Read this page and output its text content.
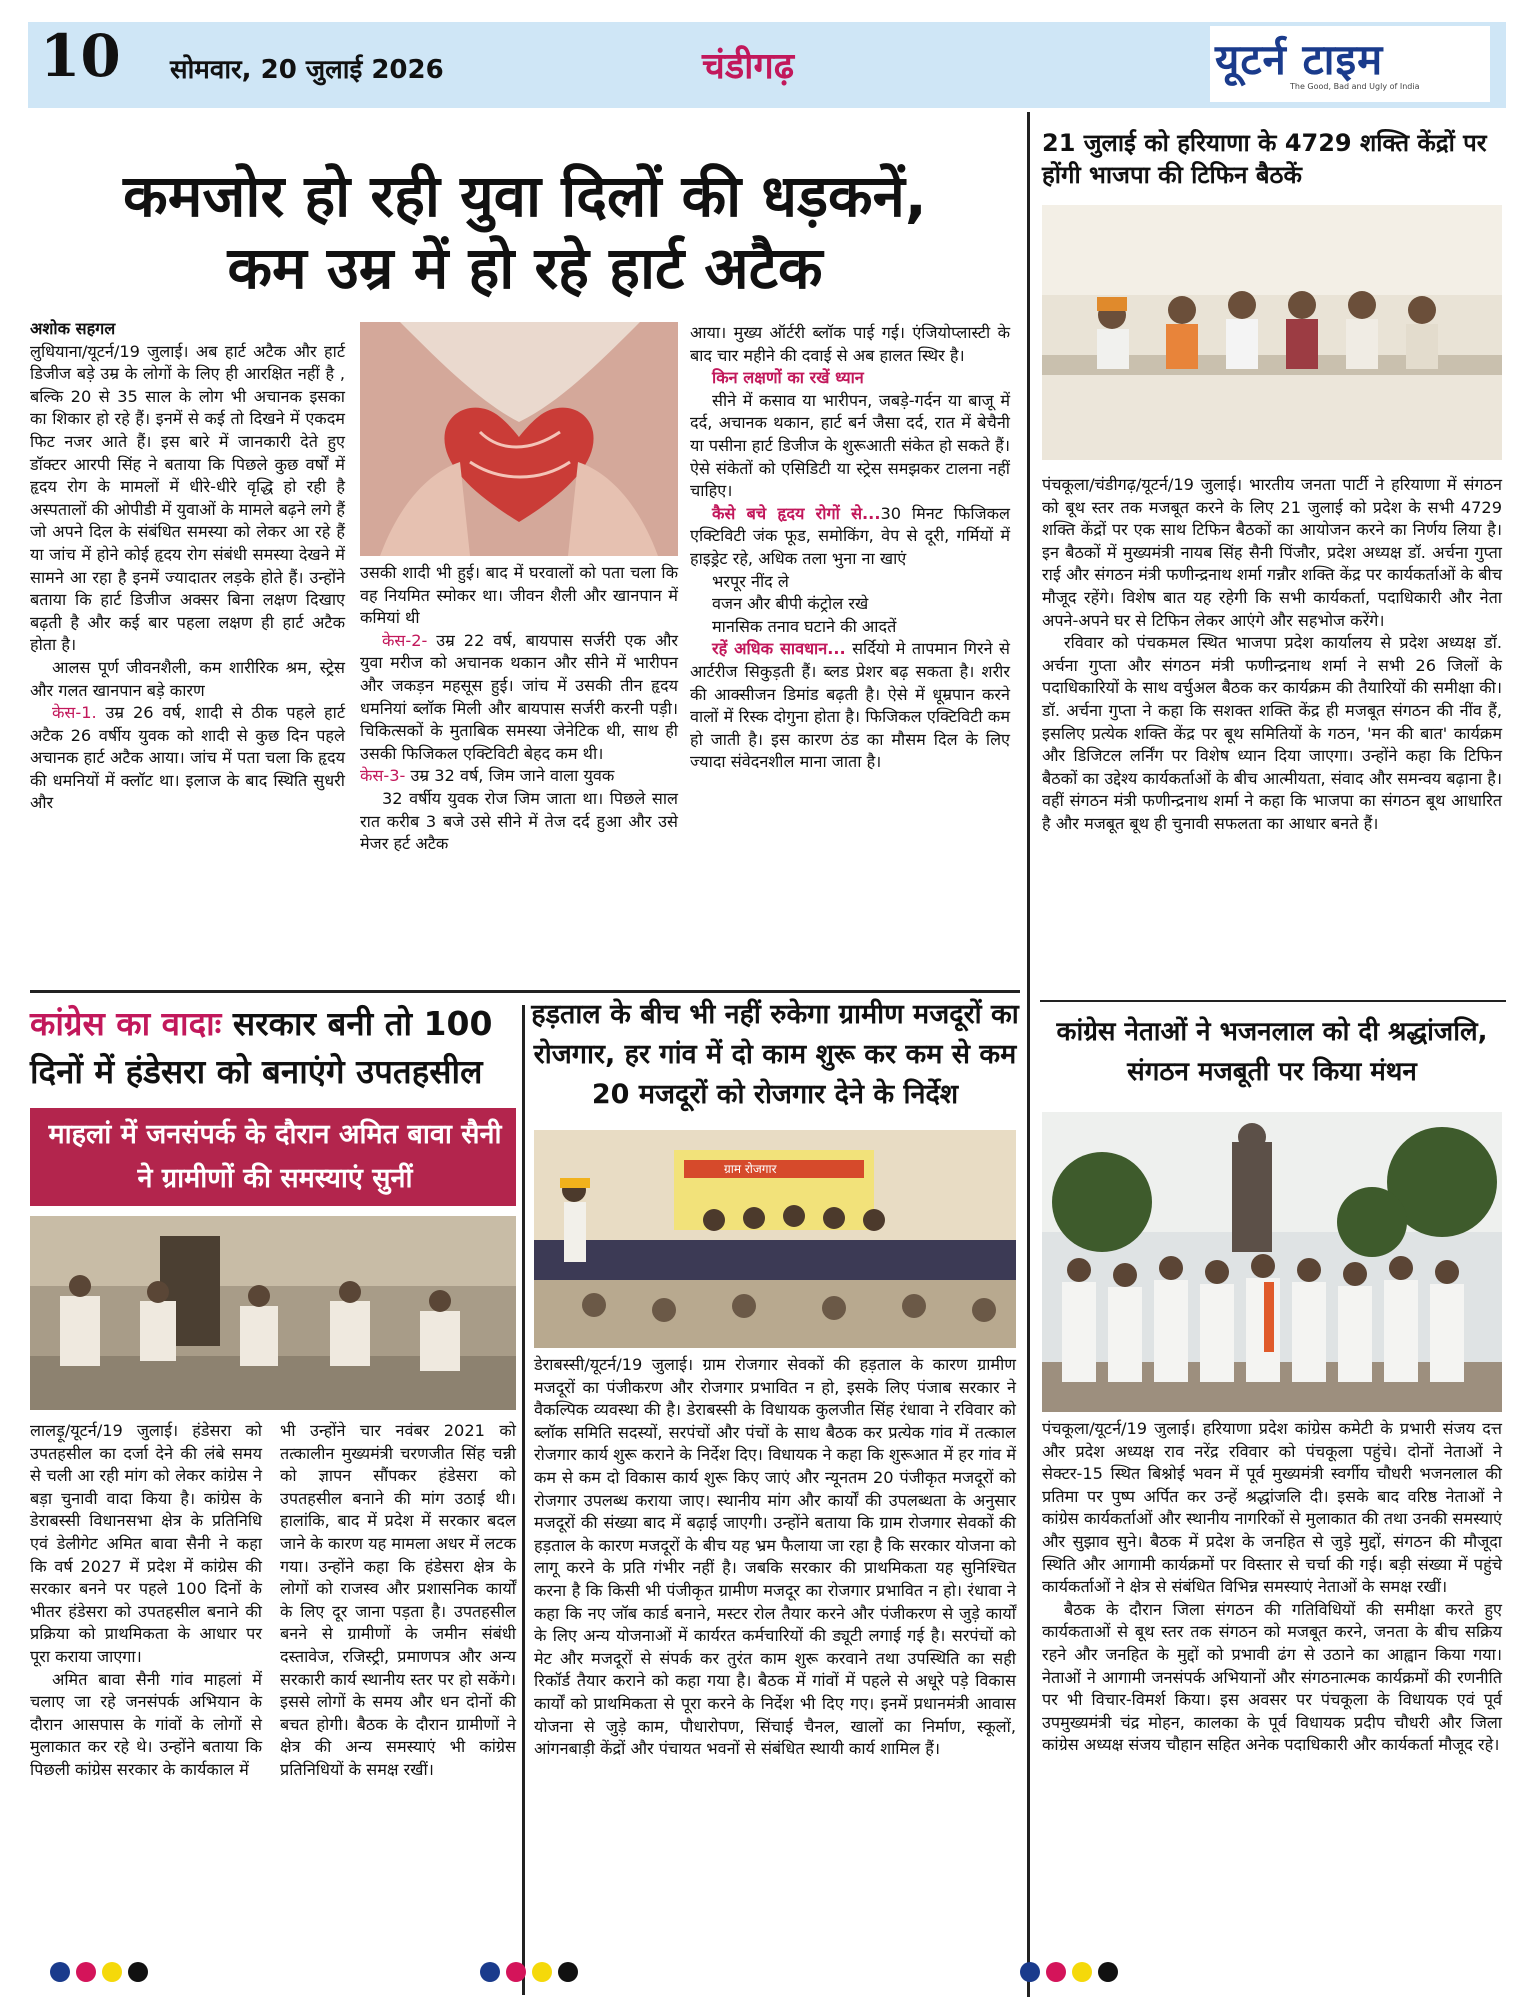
10 सोमवार, 20 जुलाई 2026	चंडीगढ़	यूटर्न टाइम
The Good, Bad and Ugly of India
कमजोर हो रही युवा दिलों की धड़कनें,
कम उम्र में हो रहे हार्ट अटैक
अशोक सहगल

लुधियाना/यूटर्न/19 जुलाई। अब हार्ट अटैक और हार्ट डिजीज बड़े उम्र के लोगों के लिए ही आरक्षित नहीं है , बल्कि 20 से 35 साल के लोग भी अचानक इसका का शिकार हो रहे हैं। इनमें से कई तो दिखने में एकदम फिट नजर आते हैं। इस बारे में जानकारी देते हुए डॉक्टर आरपी सिंह ने बताया कि पिछले कुछ वर्षों में हृदय रोग के मामलों में धीरे-धीरे वृद्धि हो रही है अस्पतालों की ओपीडी में युवाओं के मामले बढ़ने लगे हैं जो अपने दिल के संबंधित समस्या को लेकर आ रहे हैं या जांच में होने कोई हृदय रोग संबंधी समस्या देखने में सामने आ रहा है इनमें ज्यादातर लड़के होते हैं। उन्होंने बताया कि हार्ट डिजीज अक्सर बिना लक्षण दिखाए बढ़ती है और कई बार पहला लक्षण ही हार्ट अटैक होता है।

आलस पूर्ण जीवनशैली, कम शारीरिक श्रम, स्ट्रेस और गलत खानपान बड़े कारण

केस-1. उम्र 26 वर्ष, शादी से ठीक पहले हार्ट अटैक 26 वर्षीय युवक को शादी से कुछ दिन पहले अचानक हार्ट अटैक आया। जांच में पता चला कि हृदय की धमनियों में क्लॉट था। इलाज के बाद स्थिति सुधरी और

उसकी शादी भी हुई। बाद में घरवालों को पता चला कि वह नियमित स्मोकर था। जीवन शैली और खानपान में कमियां थी

केस-2- उम्र 22 वर्ष, बायपास सर्जरी एक और युवा मरीज को अचानक थकान और सीने में भारीपन और जकड़न महसूस हुई। जांच में उसकी तीन हृदय धमनियां ब्लॉक मिली और बायपास सर्जरी करनी पड़ी। चिकित्सकों के मुताबिक समस्या जेनेटिक थी, साथ ही उसकी फिजिकल एक्टिविटी बेहद कम थी।

केस-3- उम्र 32 वर्ष, जिम जाने वाला युवक

32 वर्षीय युवक रोज जिम जाता था। पिछले साल रात करीब 3 बजे उसे सीने में तेज दर्द हुआ और उसे मेजर हर्ट अटैक

आया। मुख्य ऑर्टरी ब्लॉक पाई गई। एंजियोप्लास्टी के बाद चार महीने की दवाई से अब हालत स्थिर है।

किन लक्षणों का रखें ध्यान

सीने में कसाव या भारीपन, जबड़े-गर्दन या बाजू में दर्द, अचानक थकान, हार्ट बर्न जैसा दर्द, रात में बेचैनी या पसीना हार्ट डिजीज के शुरूआती संकेत हो सकते हैं। ऐसे संकेतों को एसिडिटी या स्ट्रेस समझकर टालना नहीं चाहिए।

कैसे बचे हृदय रोगों से...30 मिनट फिजिकल एक्टिविटी जंक फूड, समोकिंग, वेप से दूरी, गर्मियों में हाइड्रेट रहे, अधिक तला भुना ना खाएं

भरपूर नींद ले
वजन और बीपी कंट्रोल रखे
मानसिक तनाव घटाने की आदतें

रहें अधिक सावधान... सर्दियो मे तापमान गिरने से आर्टरीज सिकुड़ती हैं। ब्लड प्रेशर बढ़ सकता है। शरीर की आक्सीजन डिमांड बढ़ती है। ऐसे में धूम्रपान करने वालों में रिस्क दोगुना होता है। फिजिकल एक्टिविटी कम हो जाती है। इस कारण ठंड का मौसम दिल के लिए ज्यादा संवेदनशील माना जाता है।

21 जुलाई को हरियाणा के 4729 शक्ति केंद्रों पर होंगी भाजपा की टिफिन बैठकें

पंचकूला/चंडीगढ़/यूटर्न/19 जुलाई। भारतीय जनता पार्टी ने हरियाणा में संगठन को बूथ स्तर तक मजबूत करने के लिए 21 जुलाई को प्रदेश के सभी 4729 शक्ति केंद्रों पर एक साथ टिफिन बैठकों का आयोजन करने का निर्णय लिया है। इन बैठकों में मुख्यमंत्री नायब सिंह सैनी पिंजौर, प्रदेश अध्यक्ष डॉ. अर्चना गुप्ता राई और संगठन मंत्री फणीन्द्रनाथ शर्मा गन्नौर शक्ति केंद्र पर कार्यकर्ताओं के बीच मौजूद रहेंगे। विशेष बात यह रहेगी कि सभी कार्यकर्ता, पदाधिकारी और नेता अपने-अपने घर से टिफिन लेकर आएंगे और सहभोज करेंगे।

रविवार को पंचकमल स्थित भाजपा प्रदेश कार्यालय से प्रदेश अध्यक्ष डॉ. अर्चना गुप्ता और संगठन मंत्री फणीन्द्रनाथ शर्मा ने सभी 26 जिलों के पदाधिकारियों के साथ वर्चुअल बैठक कर कार्यक्रम की तैयारियों की समीक्षा की। डॉ. अर्चना गुप्ता ने कहा कि सशक्त शक्ति केंद्र ही मजबूत संगठन की नींव हैं, इसलिए प्रत्येक शक्ति केंद्र पर बूथ समितियों के गठन, 'मन की बात' कार्यक्रम और डिजिटल लर्निंग पर विशेष ध्यान दिया जाएगा। उन्होंने कहा कि टिफिन बैठकों का उद्देश्य कार्यकर्ताओं के बीच आत्मीयता, संवाद और समन्वय बढ़ाना है। वहीं संगठन मंत्री फणीन्द्रनाथ शर्मा ने कहा कि भाजपा का संगठन बूथ आधारित है और मजबूत बूथ ही चुनावी सफलता का आधार बनते हैं।

कांग्रेस का वादाः सरकार बनी तो 100 दिनों में हंडेसरा को बनाएंगे उपतहसील
माहलां में जनसंपर्क के दौरान अमित बावा सैनी ने ग्रामीणों की समस्याएं सुनीं

लालड़ू/यूटर्न/19 जुलाई। हंडेसरा को उपतहसील का दर्जा देने की लंबे समय से चली आ रही मांग को लेकर कांग्रेस ने बड़ा चुनावी वादा किया है। कांग्रेस के डेराबस्सी विधानसभा क्षेत्र के प्रतिनिधि एवं डेलीगेट अमित बावा सैनी ने कहा कि वर्ष 2027 में प्रदेश में कांग्रेस की सरकार बनने पर पहले 100 दिनों के भीतर हंडेसरा को उपतहसील बनाने की प्रक्रिया को प्राथमिकता के आधार पर पूरा कराया जाएगा।

अमित बावा सैनी गांव माहलां में चलाए जा रहे जनसंपर्क अभियान के दौरान आसपास के गांवों के लोगों से मुलाकात कर रहे थे। उन्होंने बताया कि पिछली कांग्रेस सरकार के कार्यकाल में

भी उन्होंने चार नवंबर 2021 को तत्कालीन मुख्यमंत्री चरणजीत सिंह चन्नी को ज्ञापन सौंपकर हंडेसरा को उपतहसील बनाने की मांग उठाई थी। हालांकि, बाद में प्रदेश में सरकार बदल जाने के कारण यह मामला अधर में लटक गया। उन्होंने कहा कि हंडेसरा क्षेत्र के लोगों को राजस्व और प्रशासनिक कार्यों के लिए दूर जाना पड़ता है। उपतहसील बनने से ग्रामीणों के जमीन संबंधी दस्तावेज, रजिस्ट्री, प्रमाणपत्र और अन्य सरकारी कार्य स्थानीय स्तर पर हो सकेंगे। इससे लोगों के समय और धन दोनों की बचत होगी। बैठक के दौरान ग्रामीणों ने क्षेत्र की अन्य समस्याएं भी कांग्रेस प्रतिनिधियों के समक्ष रखीं।

हड़ताल के बीच भी नहीं रुकेगा ग्रामीण मजदूरों का रोजगार, हर गांव में दो काम शुरू कर कम से कम 20 मजदूरों को रोजगार देने के निर्देश
ग्राम रोजगार

डेराबस्सी/यूटर्न/19 जुलाई। ग्राम रोजगार सेवकों की हड़ताल के कारण ग्रामीण मजदूरों का पंजीकरण और रोजगार प्रभावित न हो, इसके लिए पंजाब सरकार ने वैकल्पिक व्यवस्था की है। डेराबस्सी के विधायक कुलजीत सिंह रंधावा ने रविवार को ब्लॉक समिति सदस्यों, सरपंचों और पंचों के साथ बैठक कर प्रत्येक गांव में तत्काल रोजगार कार्य शुरू कराने के निर्देश दिए। विधायक ने कहा कि शुरूआत में हर गांव में कम से कम दो विकास कार्य शुरू किए जाएं और न्यूनतम 20 पंजीकृत मजदूरों को रोजगार उपलब्ध कराया जाए। स्थानीय मांग और कार्यों की उपलब्धता के अनुसार मजदूरों की संख्या बाद में बढ़ाई जाएगी। उन्होंने बताया कि ग्राम रोजगार सेवकों की हड़ताल के कारण मजदूरों के बीच यह भ्रम फैलाया जा रहा है कि सरकार योजना को लागू करने के प्रति गंभीर नहीं है। जबकि सरकार की प्राथमिकता यह सुनिश्चित करना है कि किसी भी पंजीकृत ग्रामीण मजदूर का रोजगार प्रभावित न हो। रंधावा ने कहा कि नए जॉब कार्ड बनाने, मस्टर रोल तैयार करने और पंजीकरण से जुड़े कार्यों के लिए अन्य योजनाओं में कार्यरत कर्मचारियों की ड्यूटी लगाई गई है। सरपंचों को मेट और मजदूरों से संपर्क कर तुरंत काम शुरू करवाने तथा उपस्थिति का सही रिकॉर्ड तैयार कराने को कहा गया है। बैठक में गांवों में पहले से अधूरे पड़े विकास कार्यों को प्राथमिकता से पूरा करने के निर्देश भी दिए गए। इनमें प्रधानमंत्री आवास योजना से जुड़े काम, पौधारोपण, सिंचाई चैनल, खालों का निर्माण, स्कूलों, आंगनबाड़ी केंद्रों और पंचायत भवनों से संबंधित स्थायी कार्य शामिल हैं।

कांग्रेस नेताओं ने भजनलाल को दी श्रद्धांजलि, संगठन मजबूती पर किया मंथन

पंचकूला/यूटर्न/19 जुलाई। हरियाणा प्रदेश कांग्रेस कमेटी के प्रभारी संजय दत्त और प्रदेश अध्यक्ष राव नरेंद्र रविवार को पंचकूला पहुंचे। दोनों नेताओं ने सेक्टर-15 स्थित बिश्नोई भवन में पूर्व मुख्यमंत्री स्वर्गीय चौधरी भजनलाल की प्रतिमा पर पुष्प अर्पित कर उन्हें श्रद्धांजलि दी। इसके बाद वरिष्ठ नेताओं ने कांग्रेस कार्यकर्ताओं और स्थानीय नागरिकों से मुलाकात की तथा उनकी समस्याएं और सुझाव सुने। बैठक में प्रदेश के जनहित से जुड़े मुद्दों, संगठन की मौजूदा स्थिति और आगामी कार्यक्रमों पर विस्तार से चर्चा की गई। बड़ी संख्या में पहुंचे कार्यकर्ताओं ने क्षेत्र से संबंधित विभिन्न समस्याएं नेताओं के समक्ष रखीं।

बैठक के दौरान जिला संगठन की गतिविधियों की समीक्षा करते हुए कार्यकताओं से बूथ स्तर तक संगठन को मजबूत करने, जनता के बीच सक्रिय रहने और जनहित के मुद्दों को प्रभावी ढंग से उठाने का आह्वान किया गया। नेताओं ने आगामी जनसंपर्क अभियानों और संगठनात्मक कार्यक्रमों की रणनीति पर भी विचार-विमर्श किया। इस अवसर पर पंचकूला के विधायक एवं पूर्व उपमुख्यमंत्री चंद्र मोहन, कालका के पूर्व विधायक प्रदीप चौधरी और जिला कांग्रेस अध्यक्ष संजय चौहान सहित अनेक पदाधिकारी और कार्यकर्ता मौजूद रहे।
